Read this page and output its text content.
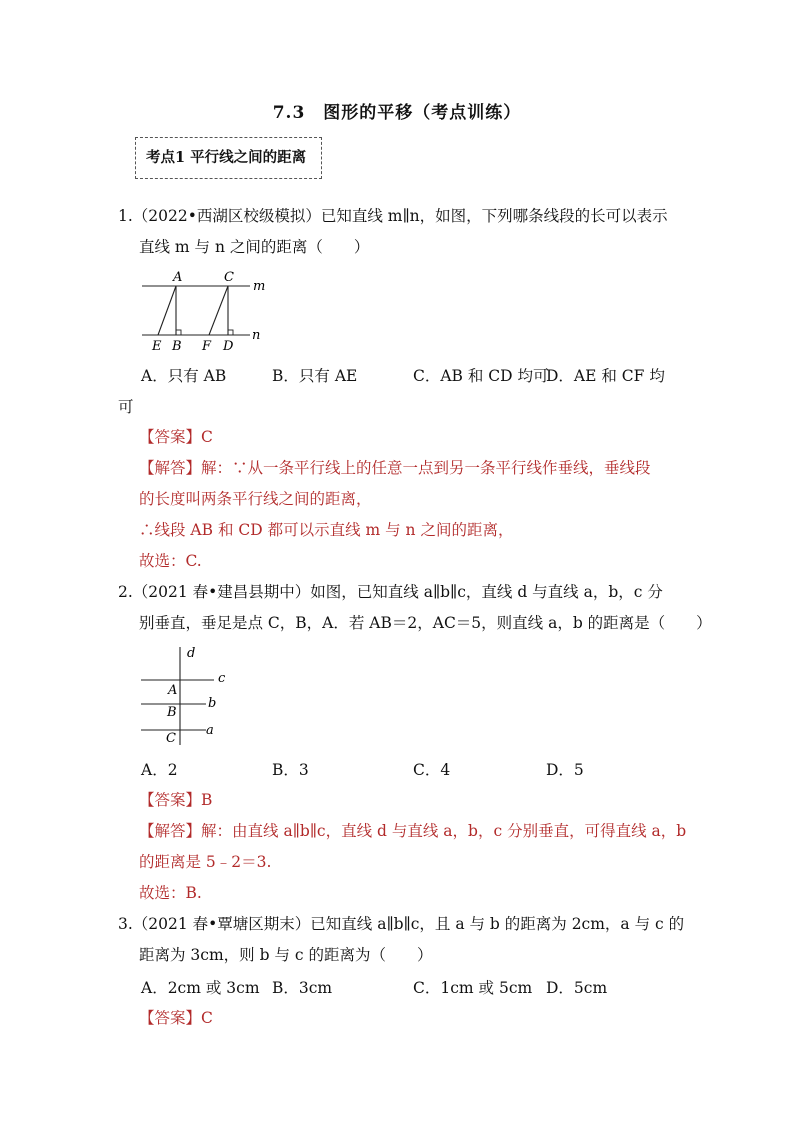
7.3　图形的平移（考点训练）
考点1 平行线之间的距离
1.（2022•西湖区校级模拟）已知直线 m∥n，如图，下列哪条线段的长可以表示
直线 m 与 n 之间的距离（　　）
A	C
m
E B F D
n
A．只有 AB	B．只有 AE	C．AB 和 CD 均可
D．AE 和 CF 均
可
【答案】C
【解答】解：∵从一条平行线上的任意一点到另一条平行线作垂线，垂线段
的长度叫两条平行线之间的距离，
∴线段 AB 和 CD 都可以示直线 m 与 n 之间的距离，
故选：C.
2.（2021 春•建昌县期中）如图，已知直线 a∥b∥c，直线 d 与直线 a，b，c 分
别垂直，垂足是点 C，B，A．若 AB＝2，AC＝5，则直线 a，b 的距离是（　　）
d
c
A
B
b
C
a
A．2	B．3	C．4	D．5
【答案】B
【解答】解：由直线 a∥b∥c，直线 d 与直线 a，b，c 分别垂直，可得直线 a，b
的距离是 5﹣2＝3.
故选：B.
3.（2021 春•覃塘区期末）已知直线 a∥b∥c，且 a 与 b 的距离为 2cm，a 与 c 的
距离为 3cm，则 b 与 c 的距离为（　　）
A．2cm 或 3cm B．3cm	C．1cm 或 5cm D．5cm
【答案】C
